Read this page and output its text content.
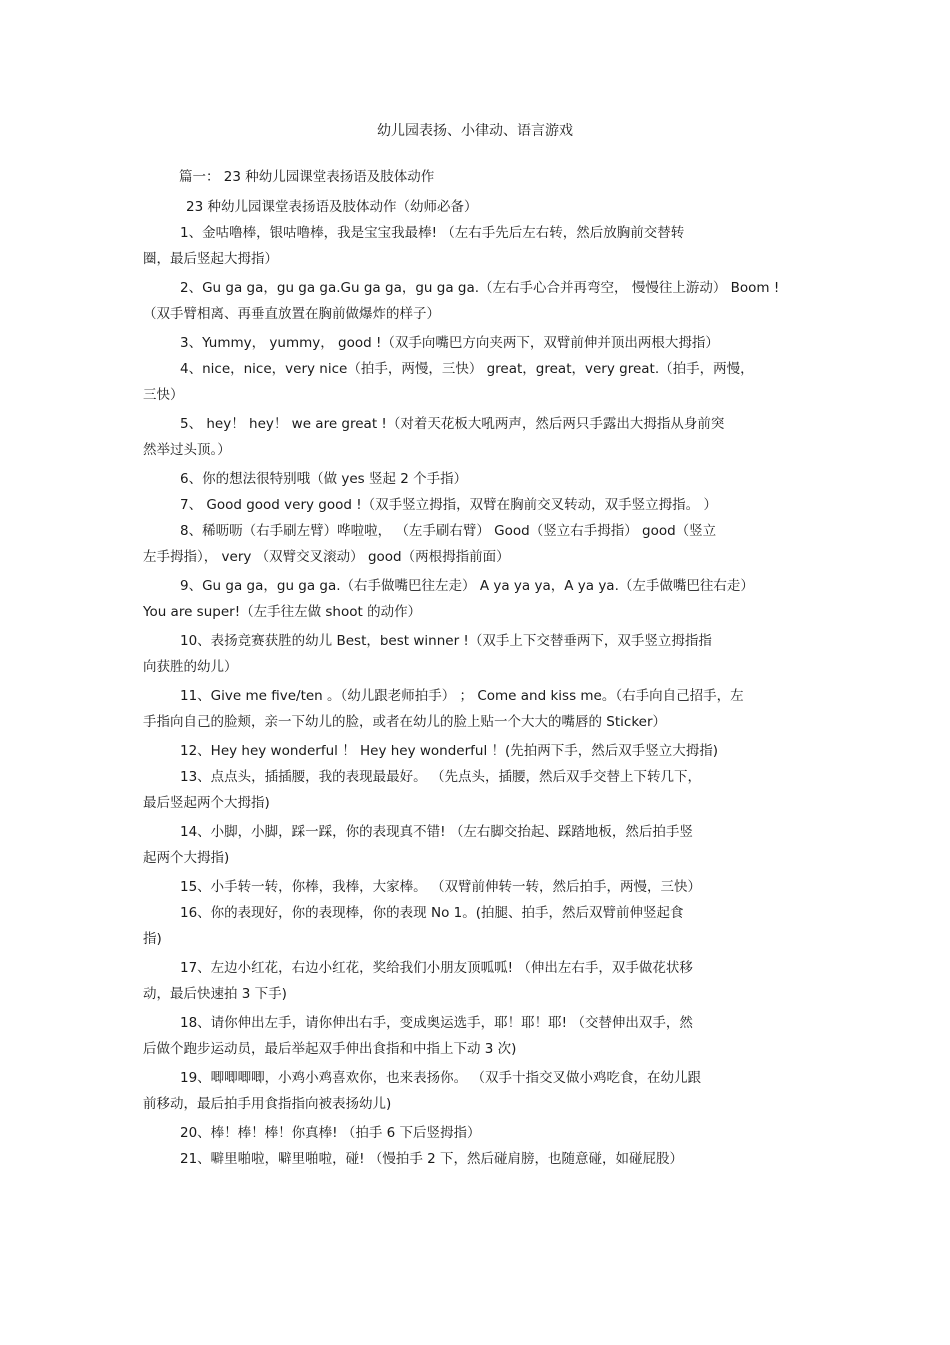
幼儿园表扬、小律动、语言游戏

篇一： 23 种幼儿园课堂表扬语及肢体动作

23 种幼儿园课堂表扬语及肢体动作（幼师必备）

1、金咕噜棒，银咕噜棒，我是宝宝我最棒! （左右手先后左右转，然后放胸前交替转

圈，最后竖起大拇指）

2、Gu ga ga，gu ga ga.Gu ga ga，gu ga ga.（左右手心合并再弯空， 慢慢往上游动） Boom !

（双手臂相离、再垂直放置在胸前做爆炸的样子）

3、Yummy， yummy， good !（双手向嘴巴方向夹两下，双臂前伸并顶出两根大拇指）

4、nice，nice，very nice（拍手，两慢，三快） great，great，very great.（拍手，两慢，

三快）

5、 hey！ hey！ we are great !（对着天花板大吼两声，然后两只手露出大拇指从身前突

然举过头顶。）

6、你的想法很特别哦（做 yes 竖起 2 个手指）

7、 Good good very good !（双手竖立拇指，双臂在胸前交叉转动，双手竖立拇指。 ）

8、稀呖呖（右手刷左臂）哗啦啦， （左手刷右臂） Good（竖立右手拇指） good（竖立

左手拇指）， very （双臂交叉滚动） good（两根拇指前面）

9、Gu ga ga，gu ga ga.（右手做嘴巴往左走） A ya ya ya，A ya ya.（左手做嘴巴往右走）

You are super!（左手往左做 shoot 的动作）

10、表扬竞赛获胜的幼儿 Best，best winner !（双手上下交替垂两下，双手竖立拇指指

向获胜的幼儿）

11、Give me five/ten 。（幼儿跟老师拍手） ； Come and kiss me。（右手向自己招手，左

手指向自己的脸颊，亲一下幼儿的脸，或者在幼儿的脸上贴一个大大的嘴唇的 Sticker）

12、Hey hey wonderful ！ Hey hey wonderful ！(先拍两下手，然后双手竖立大拇指)

13、点点头，插插腰，我的表现最最好。 （先点头，插腰，然后双手交替上下转几下，

最后竖起两个大拇指)

14、小脚，小脚，踩一踩，你的表现真不错! （左右脚交抬起、踩踏地板，然后拍手竖

起两个大拇指)

15、小手转一转，你棒，我棒，大家棒。 （双臂前伸转一转，然后拍手，两慢，三快）

16、你的表现好，你的表现棒，你的表现 No 1。(拍腿、拍手，然后双臂前伸竖起食

指)

17、左边小红花，右边小红花，奖给我们小朋友顶呱呱! （伸出左右手，双手做花状移

动，最后快速拍 3 下手)

18、请你伸出左手，请你伸出右手，变成奥运选手，耶！耶！耶! （交替伸出双手，然

后做个跑步运动员，最后举起双手伸出食指和中指上下动 3 次)

19、唧唧唧唧，小鸡小鸡喜欢你，也来表扬你。 （双手十指交叉做小鸡吃食，在幼儿跟

前移动，最后拍手用食指指向被表扬幼儿)

20、棒！棒！棒！你真棒! （拍手 6 下后竖拇指）

21、噼里啪啦，噼里啪啦，碰! （慢拍手 2 下，然后碰肩膀，也随意碰，如碰屁股）
